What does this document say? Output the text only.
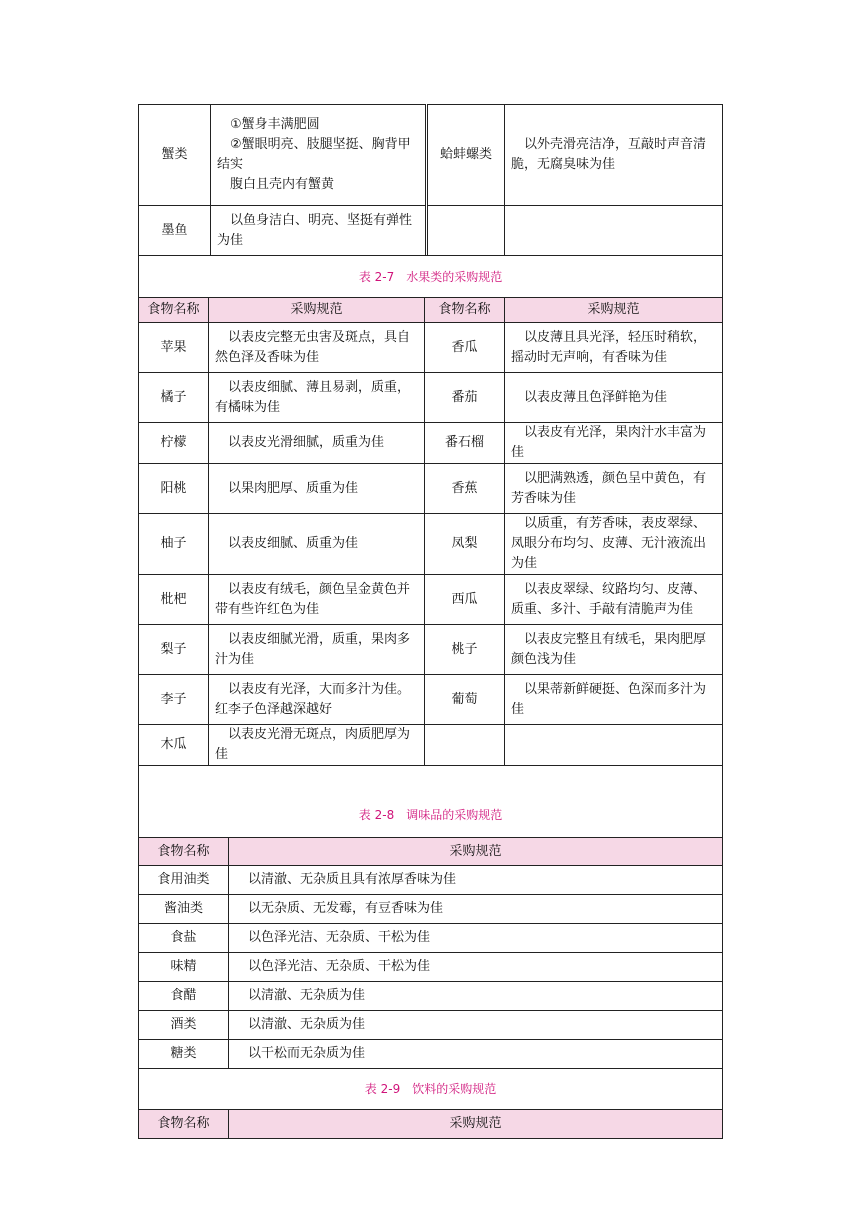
蟹类	①蟹身丰满肥圆
②蟹眼明亮、肢腿坚挺、胸背甲结实
腹白且壳内有蟹黄	蛤蚌螺类	以外壳滑亮洁净，互敲时声音清脆，无腐臭味为佳
墨鱼	以鱼身洁白、明亮、坚挺有弹性为佳		
表 2-7　水果类的采购规范			
食物名称	采购规范	食物名称	采购规范
苹果	以表皮完整无虫害及斑点，具自然色泽及香味为佳	香瓜	以皮薄且具光泽，轻压时稍软，摇动时无声响，有香味为佳
橘子	以表皮细腻、薄且易剥，质重，有橘味为佳	番茄	以表皮薄且色泽鲜艳为佳
柠檬	以表皮光滑细腻，质重为佳	番石榴	以表皮有光泽，果肉汁水丰富为佳
阳桃	以果肉肥厚、质重为佳	香蕉	以肥满熟透，颜色呈中黄色，有芳香味为佳
柚子	以表皮细腻、质重为佳	凤梨	以质重，有芳香味，表皮翠绿、凤眼分布均匀、皮薄、无汁液流出为佳
枇杷	以表皮有绒毛，颜色呈金黄色并带有些许红色为佳	西瓜	以表皮翠绿、纹路均匀、皮薄、质重、多汁、手敲有清脆声为佳
梨子	以表皮细腻光滑，质重，果肉多汁为佳	桃子	以表皮完整且有绒毛，果肉肥厚颜色浅为佳
李子	以表皮有光泽，大而多汁为佳。红李子色泽越深越好	葡萄	以果蒂新鲜硬挺、色深而多汁为佳
木瓜	以表皮光滑无斑点，肉质肥厚为佳		
表 2-8　调味品的采购规范	
食物名称	采购规范
食用油类	以清澈、无杂质且具有浓厚香味为佳
酱油类	以无杂质、无发霉，有豆香味为佳
食盐	以色泽光洁、无杂质、干松为佳
味精	以色泽光洁、无杂质、干松为佳
食醋	以清澈、无杂质为佳
酒类	以清澈、无杂质为佳
糖类	以干松而无杂质为佳
表 2-9　饮料的采购规范
食物名称	采购规范
